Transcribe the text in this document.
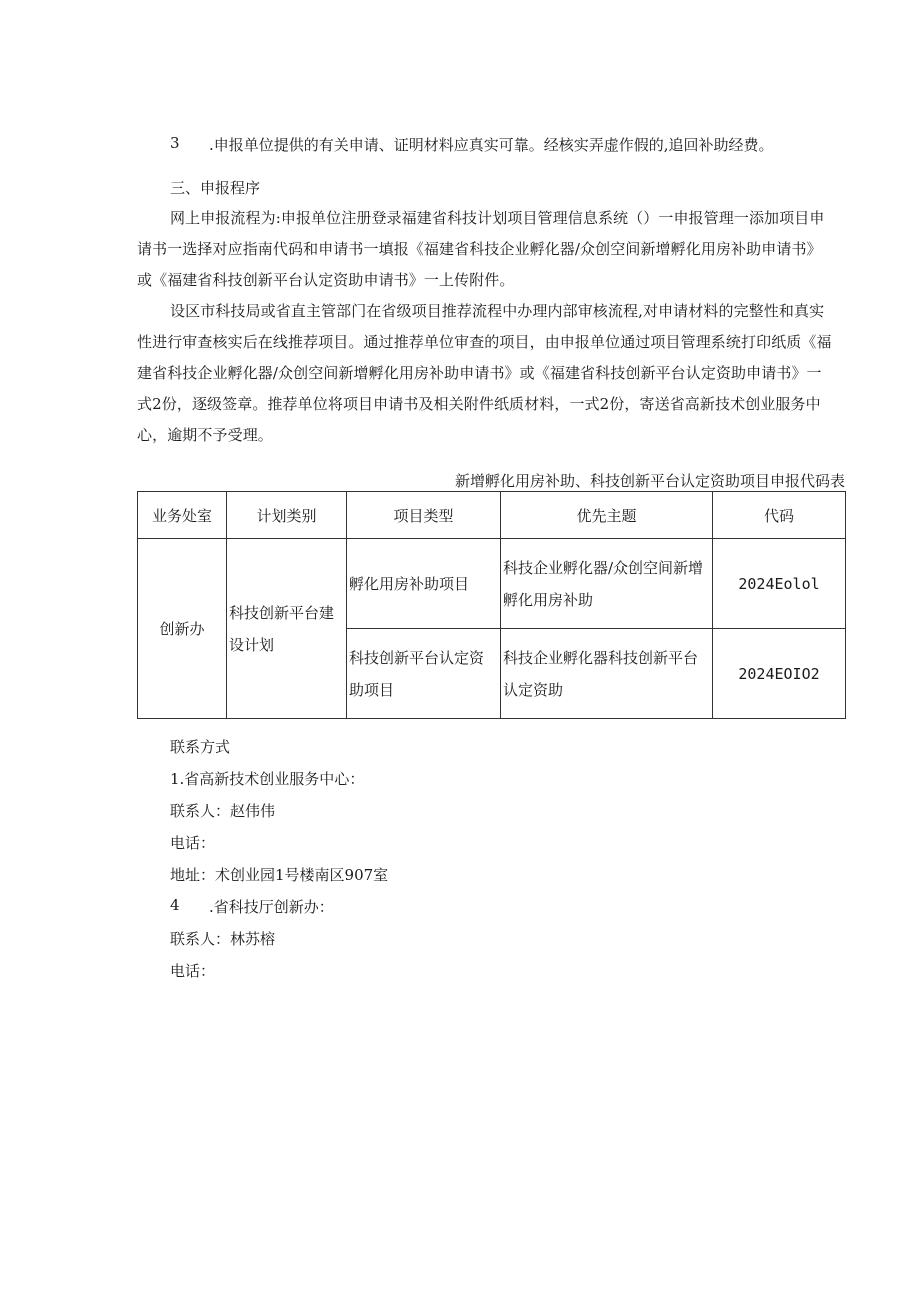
3 .申报单位提供的有关申请、证明材料应真实可靠。经核实弄虚作假的,追回补助经费。
三、申报程序
网上申报流程为:申报单位注册登录福建省科技计划项目管理信息系统（）一申报管理一添加项目申
请书一选择对应指南代码和申请书一填报《福建省科技企业孵化器/众创空间新增孵化用房补助申请书》
或《福建省科技创新平台认定资助申请书》一上传附件。
设区市科技局或省直主管部门在省级项目推荐流程中办理内部审核流程,对申请材料的完整性和真实
性进行审查核实后在线推荐项目。通过推荐单位审查的项目，由申报单位通过项目管理系统打印纸质《福
建省科技企业孵化器/众创空间新增孵化用房补助申请书》或《福建省科技创新平台认定资助申请书》一
式2份，逐级签章。推荐单位将项目申请书及相关附件纸质材料，一式2份，寄送省高新技术创业服务中
心，逾期不予受理。
新增孵化用房补助、科技创新平台认定资助项目申报代码表
业务处室	计划类别	项目类型	优先主题	代码
创新办	科技创新平台建设计划	孵化用房补助项目	科技企业孵化器/众创空间新增孵化用房补助	2024Eolol

		科技创新平台认定资助项目	科技企业孵化器科技创新平台认定资助	2024EOIO2
联系方式
1.省高新技术创业服务中心：
联系人：赵伟伟
电话：
地址：术创业园1号楼南区907室
4 .省科技厅创新办：
联系人：林苏榕
电话：
